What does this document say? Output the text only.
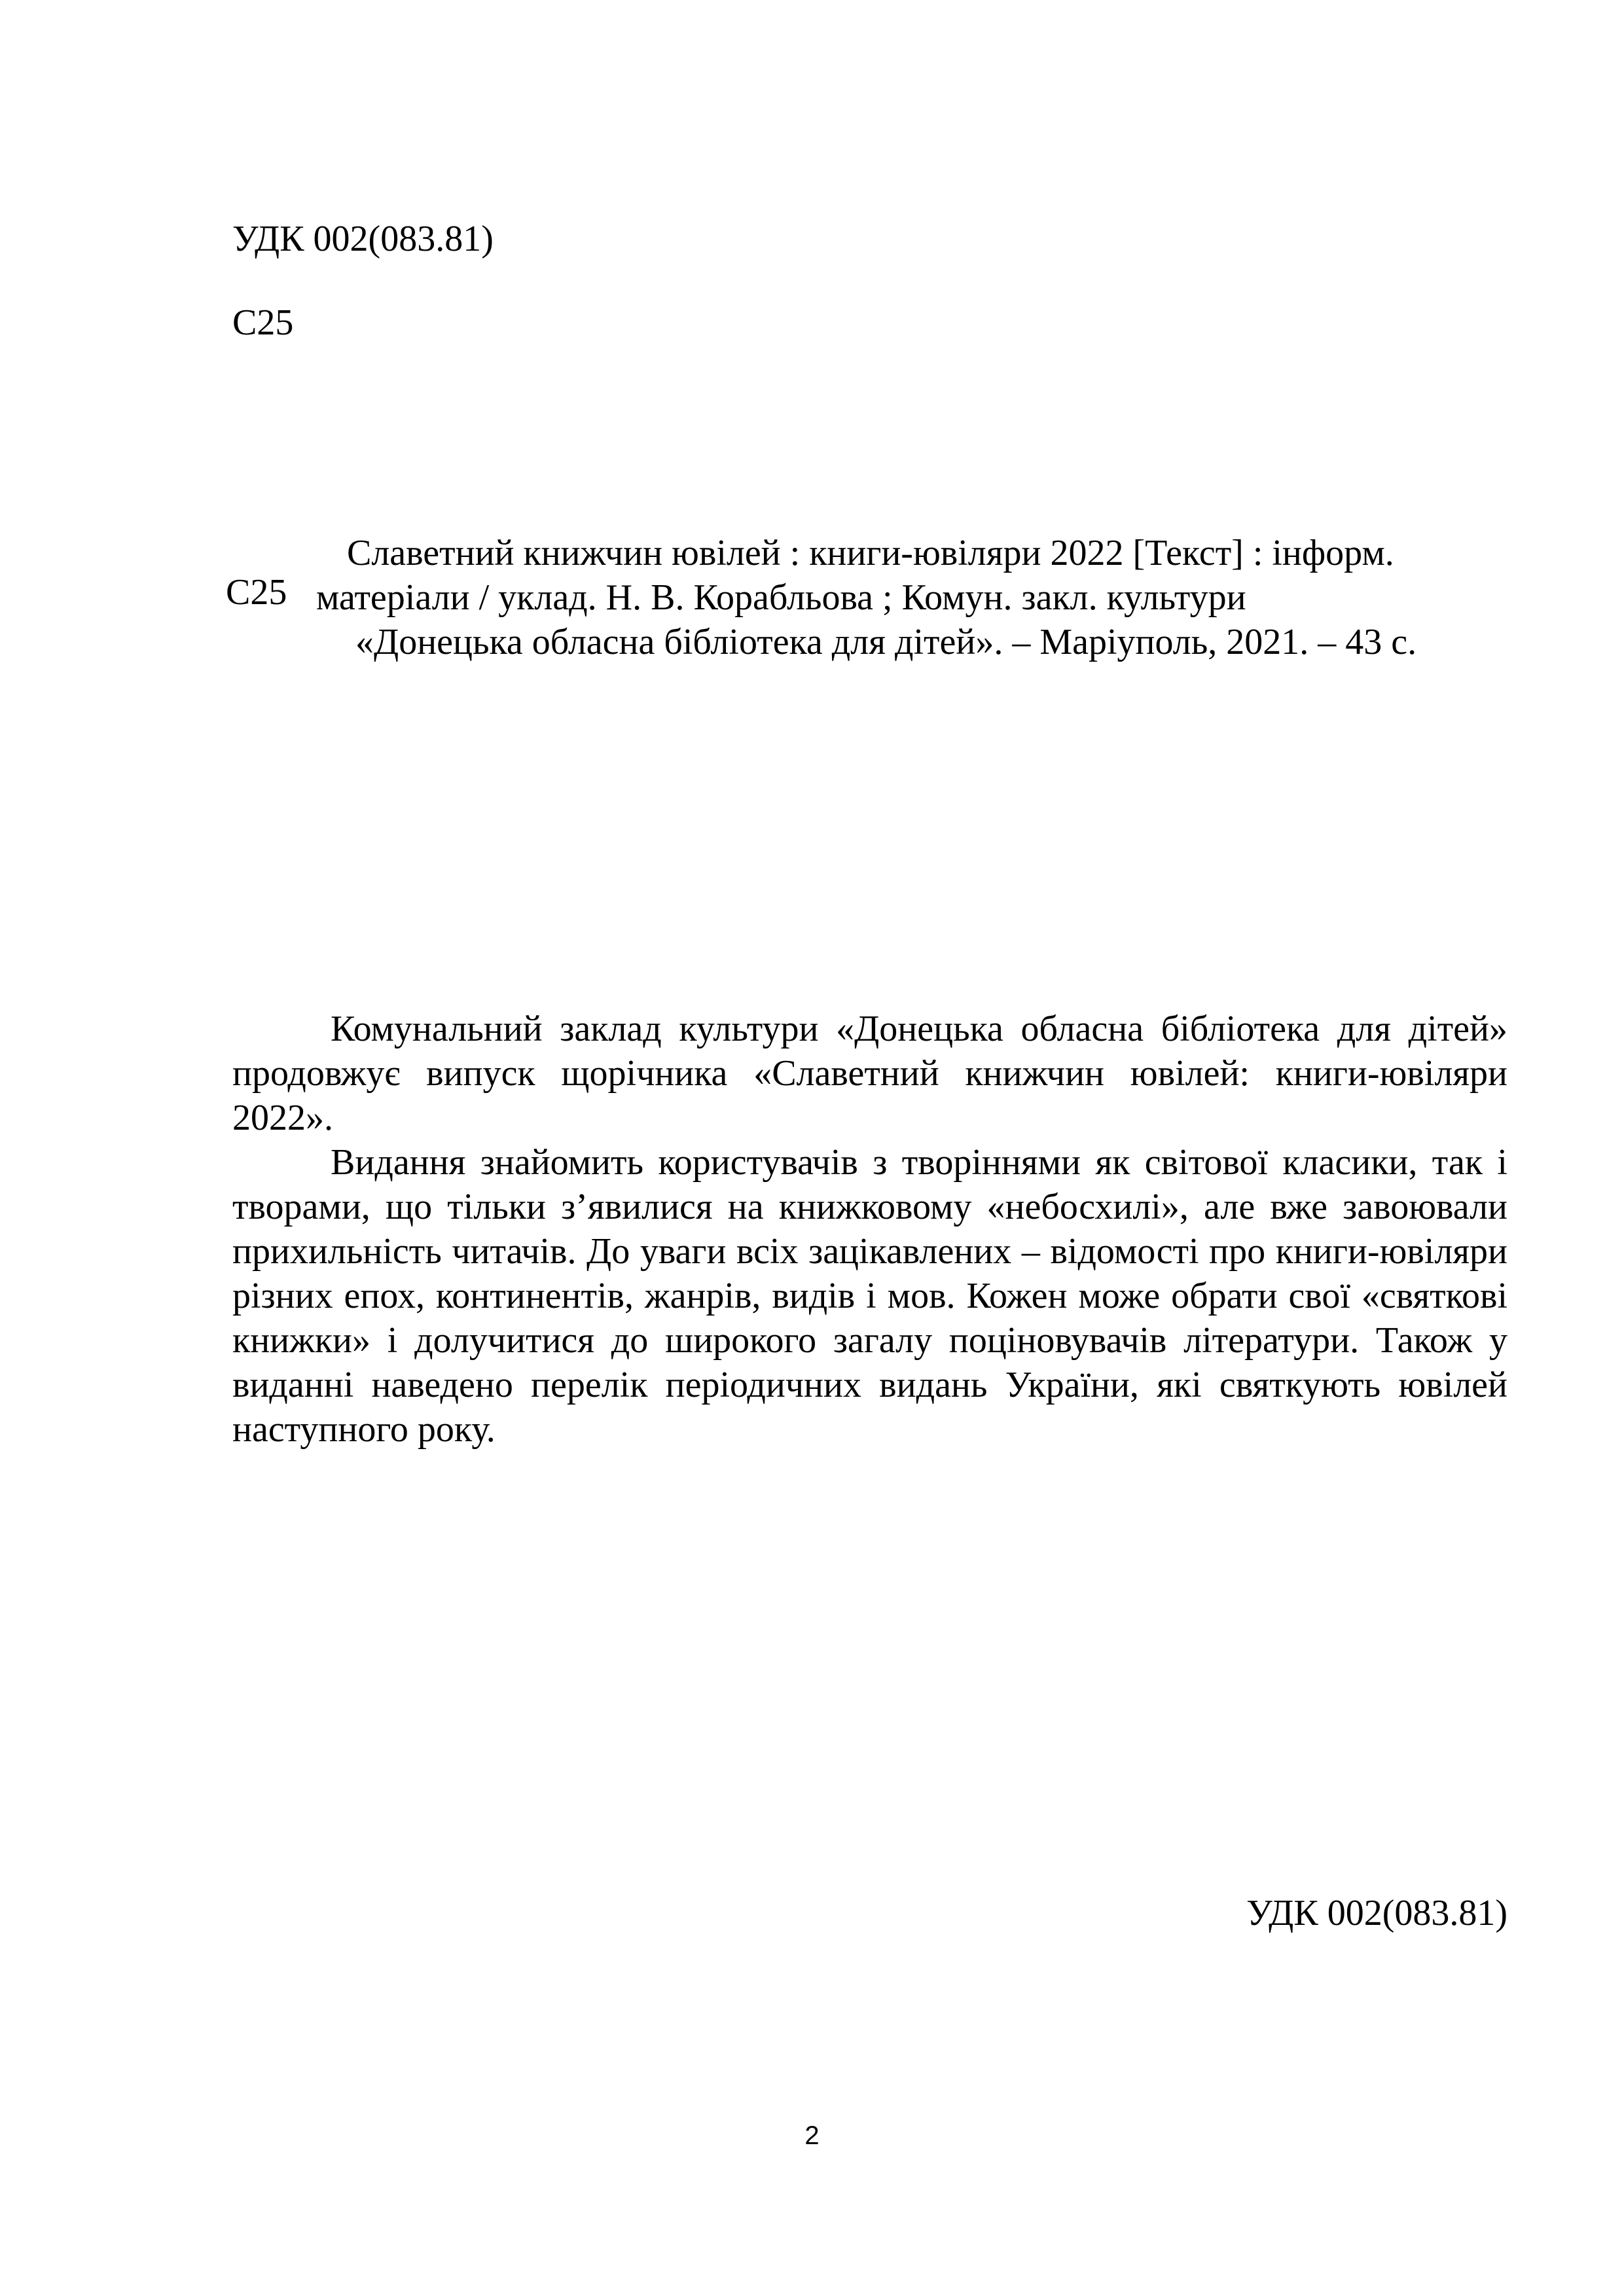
УДК 002(083.81)
С25
С25
Славетний книжчин ювілей : книги-ювіляри 2022 [Текст] : інформ.
матеріали / уклад. Н. В. Корабльова ; Комун. закл. культури
«Донецька обласна бібліотека для дітей». – Маріуполь, 2021. – 43 с.

Комунальний заклад культури «Донецька обласна бібліотека для дітей» продовжує випуск щорічника «Славетний книжчин ювілей: книги-ювіляри 2022».

Видання знайомить користувачів з творіннями як світової класики, так і творами, що тільки з’явилися на книжковому «небосхилі», але вже завоювали прихильність читачів. До уваги всіх зацікавлених – відомості про книги-ювіляри різних епох, континентів, жанрів, видів і мов. Кожен може обрати свої «святкові книжки» і долучитися до широкого загалу поціновувачів літератури. Також у виданні наведено перелік періодичних видань України, які святкують ювілей наступного року.

УДК 002(083.81)
2
